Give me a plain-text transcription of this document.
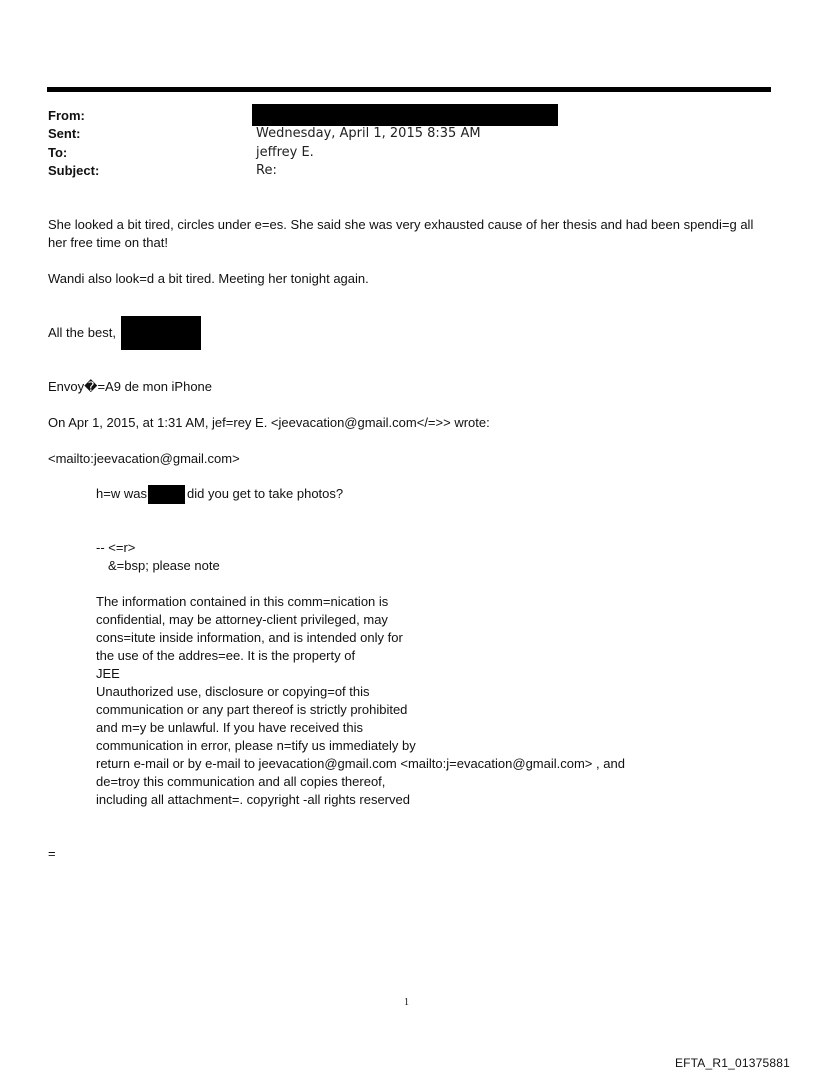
From:
Sent:
To:
Subject:
Wednesday, April 1, 2015 8:35 AM
jeffrey E.
Re:
She looked a bit tired, circles under e=es. She said she was very exhausted cause of her thesis and had been spendi=g all
her free time on that!
Wandi also look=d a bit tired. Meeting her tonight again.
All the best,
Envoy�=A9 de mon iPhone
On Apr 1, 2015, at 1:31 AM, jef=rey E. <jeevacation@gmail.com</=>> wrote:
<mailto:jeevacation@gmail.com>
h=w was	did you get to take photos?
-- <=r>
&=bsp; please note
The information contained in this comm=nication is
confidential, may be attorney-client privileged, may
cons=itute inside information, and is intended only for
the use of the addres=ee. It is the property of
JEE
Unauthorized use, disclosure or copying=of this
communication or any part thereof is strictly prohibited
and m=y be unlawful. If you have received this
communication in error, please n=tify us immediately by
return e-mail or by e-mail to jeevacation@gmail.com <mailto:j=evacation@gmail.com> , and
de=troy this communication and all copies thereof,
including all attachment=. copyright -all rights reserved
=
1
EFTA_R1_01375881
